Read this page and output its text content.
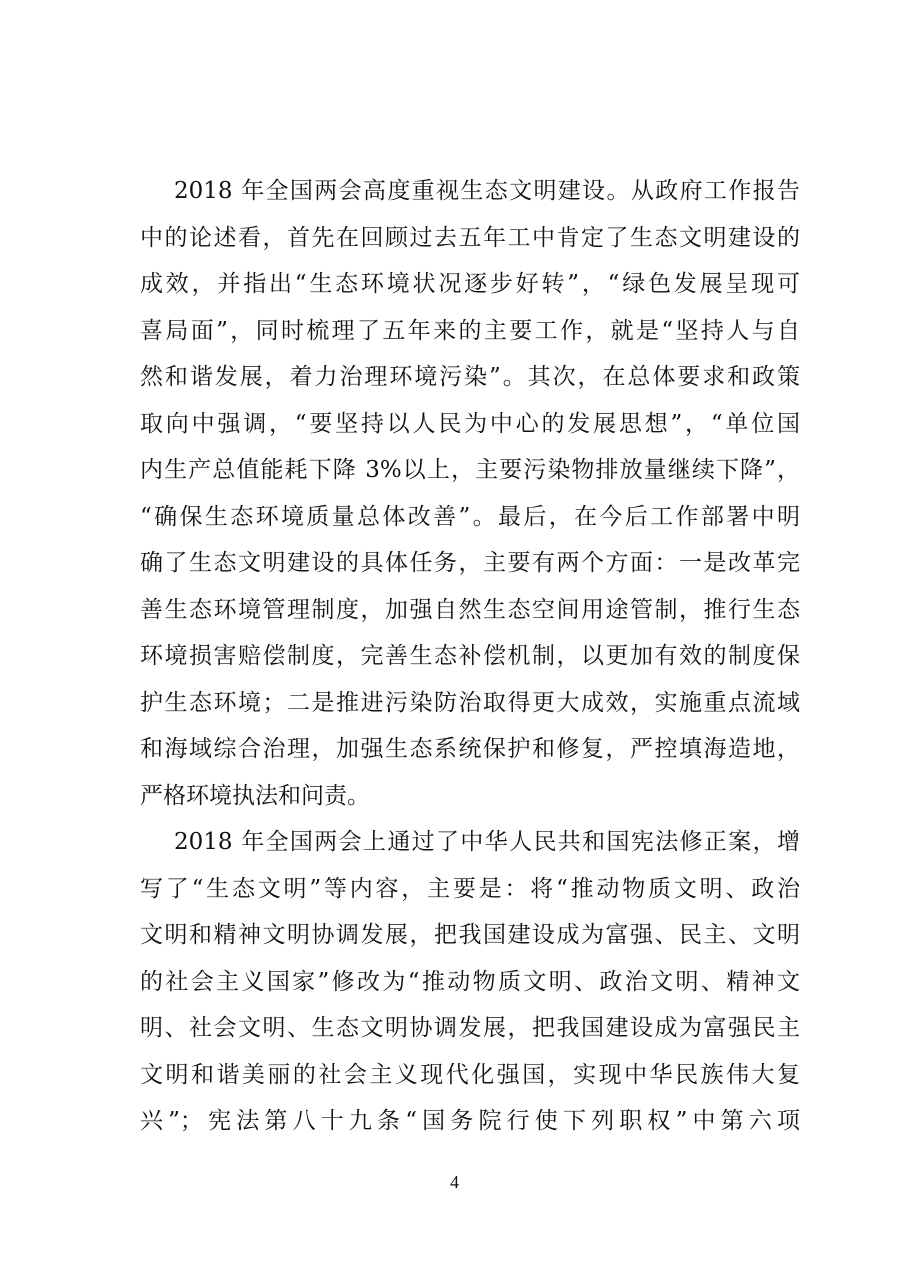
2018 年全国两会高度重视生态文明建设。从政府工作报告
中的论述看，首先在回顾过去五年工中肯定了生态文明建设的
成效，并指出“生态环境状况逐步好转”，“绿色发展呈现可
喜局面”，同时梳理了五年来的主要工作，就是“坚持人与自
然和谐发展，着力治理环境污染”。其次，在总体要求和政策
取向中强调，“要坚持以人民为中心的发展思想”，“单位国
内生产总值能耗下降 3%以上，主要污染物排放量继续下降”，
“确保生态环境质量总体改善”。最后，在今后工作部署中明
确了生态文明建设的具体任务，主要有两个方面：一是改革完
善生态环境管理制度，加强自然生态空间用途管制，推行生态
环境损害赔偿制度，完善生态补偿机制，以更加有效的制度保
护生态环境；二是推进污染防治取得更大成效，实施重点流域
和海域综合治理，加强生态系统保护和修复，严控填海造地，
严格环境执法和问责。
2018 年全国两会上通过了中华人民共和国宪法修正案，增
写了“生态文明”等内容，主要是：将“推动物质文明、政治
文明和精神文明协调发展，把我国建设成为富强、民主、文明
的社会主义国家”修改为“推动物质文明、政治文明、精神文
明、社会文明、生态文明协调发展，把我国建设成为富强民主
文明和谐美丽的社会主义现代化强国，实现中华民族伟大复
兴”；宪法第八十九条“国务院行使下列职权”中第六项
4
